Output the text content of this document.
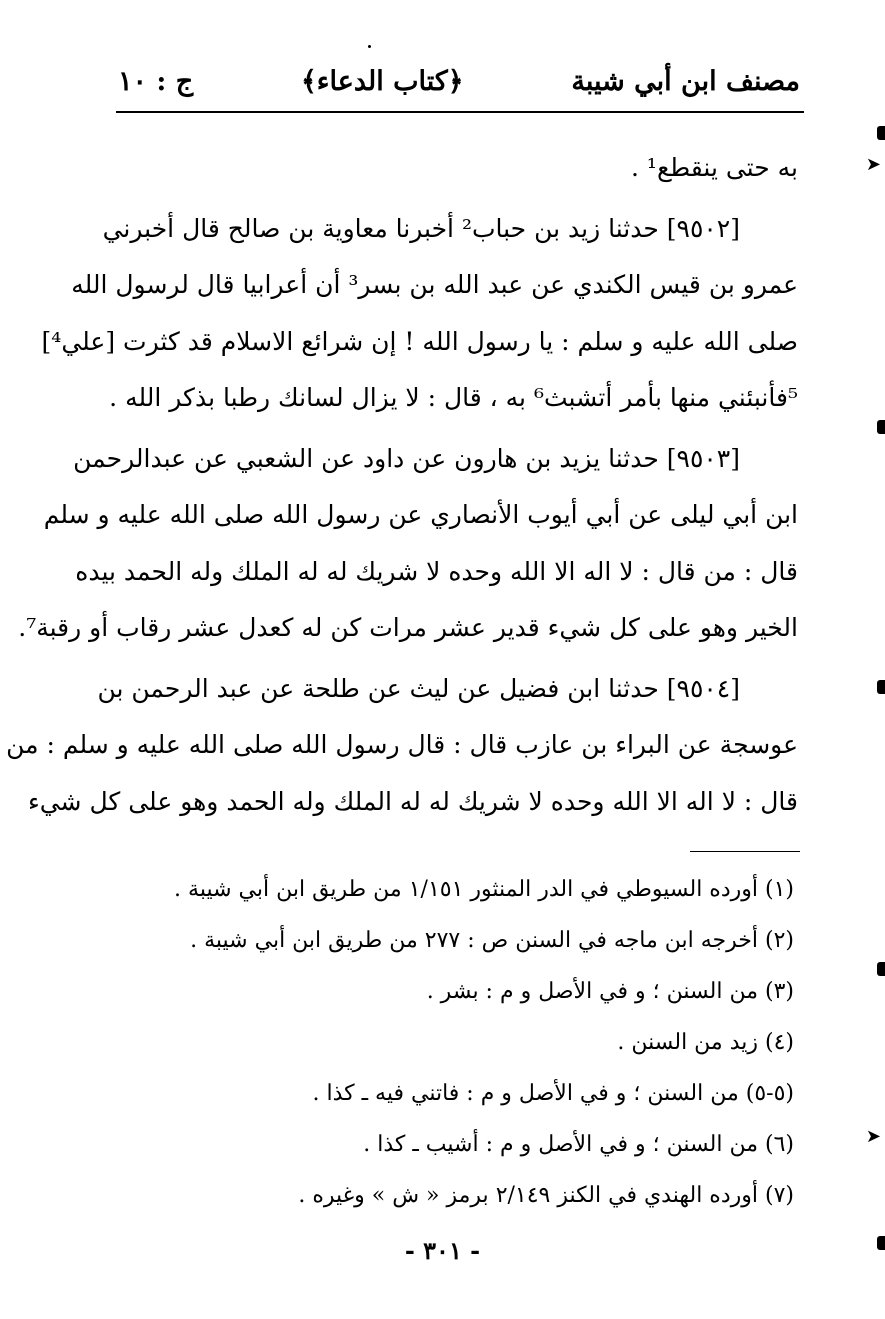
مصنف ابن أبي شيبة
﴿كتاب الدعاء﴾
ج : ١٠

به حتى ينقطع¹ .

[٩٥٠٢] حدثنا زيد بن حباب² أخبرنا معاوية بن صالح قال أخبرني
عمرو بن قيس الكندي عن عبد الله بن بسر³ أن أعرابيا قال لرسول الله
صلى الله عليه و سلم : يا رسول الله ! إن شرائع الاسلام قد كثرت [علي⁴]
⁵فأنبئني منها بأمر أتشبث⁶ به ، قال : لا يزال لسانك رطبا بذكر الله .

[٩٥٠٣] حدثنا يزيد بن هارون عن داود عن الشعبي عن عبدالرحمن
ابن أبي ليلى عن أبي أيوب الأنصاري عن رسول الله صلى الله عليه و سلم
قال : من قال : لا اله الا الله وحده لا شريك له له الملك وله الحمد بيده
الخير وهو على كل شيء قدير عشر مرات كن له كعدل عشر رقاب أو رقبة⁷.

[٩٥٠٤] حدثنا ابن فضيل عن ليث عن طلحة عن عبد الرحمن بن
عوسجة عن البراء بن عازب قال : قال رسول الله صلى الله عليه و سلم : من
قال : لا اله الا الله وحده لا شريك له له الملك وله الحمد وهو على كل شيء

(١) أورده السيوطي في الدر المنثور ١/١٥١ من طريق ابن أبي شيبة .
(٢) أخرجه ابن ماجه في السنن ص : ٢٧٧ من طريق ابن أبي شيبة .
(٣) من السنن ؛ و في الأصل و م : بشر .
(٤) زيد من السنن .
(٥-٥) من السنن ؛ و في الأصل و م : فاتني فيه ـ كذا .
(٦) من السنن ؛ و في الأصل و م : أشيب ـ كذا .
(٧) أورده الهندي في الكنز ٢/١٤٩ برمز « ش » وغيره .
- ٣٠١ -
➤
➤
